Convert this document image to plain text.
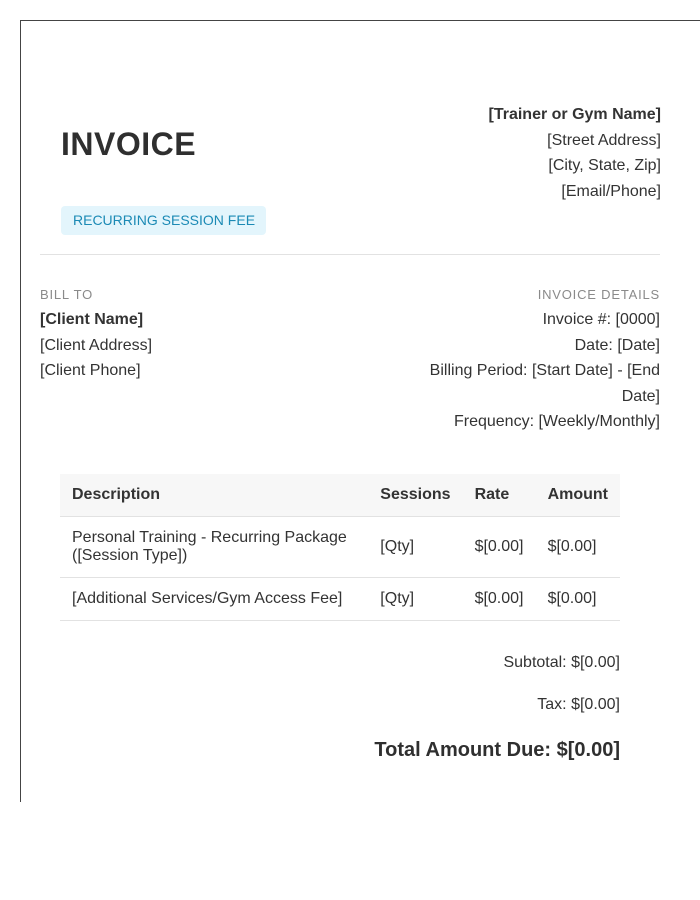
INVOICE
RECURRING SESSION FEE
[Trainer or Gym Name]
[Street Address]
[City, State, Zip]
[Email/Phone]
BILL TO
[Client Name]
[Client Address]
[Client Phone]
INVOICE DETAILS
Invoice #: [0000]
Date: [Date]
Billing Period: [Start Date] - [End Date]
Frequency: [Weekly/Monthly]
Description	Sessions	Rate	Amount
Personal Training - Recurring Package ([Session Type])	[Qty]	$[0.00]	$[0.00]
[Additional Services/Gym Access Fee]	[Qty]	$[0.00]	$[0.00]
Subtotal: $[0.00]
Tax: $[0.00]
Total Amount Due: $[0.00]
